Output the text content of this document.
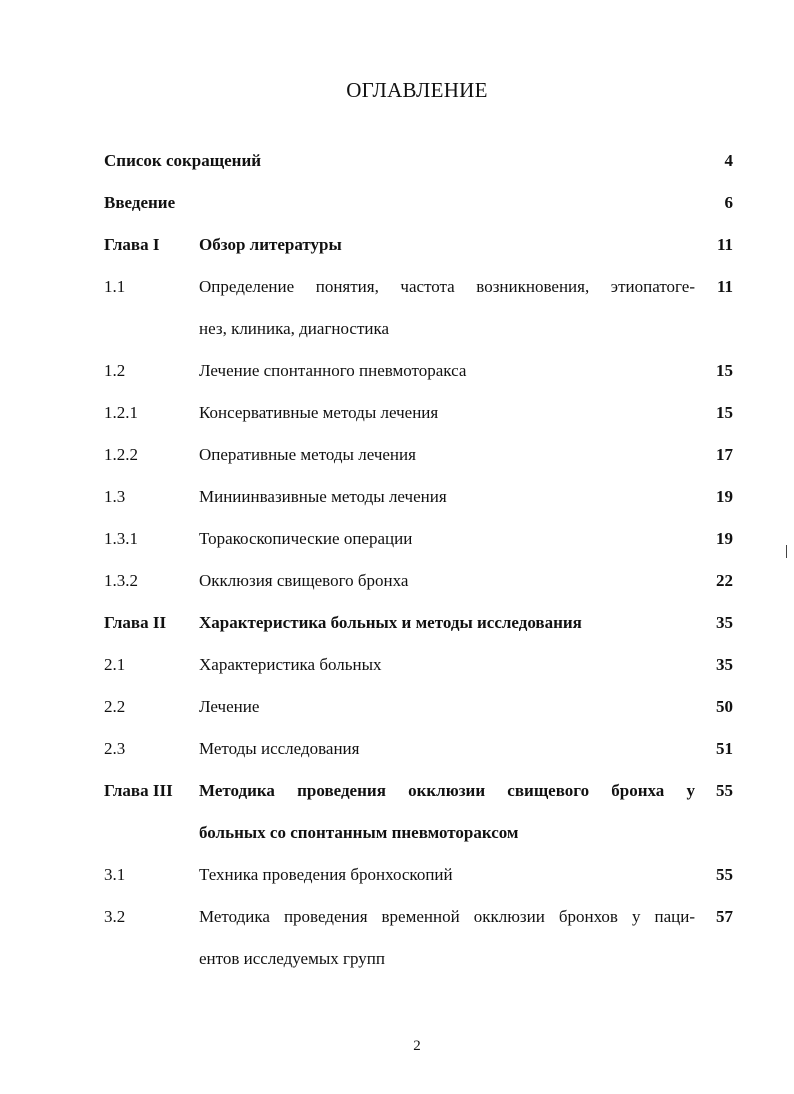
ОГЛАВЛЕНИЕ
Список сокращений	4
Введение	6
Глава I Обзор литературы	11
1.1	Определение понятия, частота возникновения, этиопатоге-	11
нез, клиника, диагностика
1.2	Лечение спонтанного пневмоторакса	15
1.2.1	Консервативные методы лечения	15
1.2.2	Оперативные методы лечения	17
1.3	Миниинвазивные методы лечения	19
1.3.1	Торакоскопические операции	19
1.3.2	Окклюзия свищевого бронха	22
Глава II Характеристика больных и методы исследования	35
2.1	Характеристика больных	35
2.2	Лечение	50
2.3	Методы исследования	51
Глава III Методика проведения окклюзии свищевого бронха у	55
больных со спонтанным пневмотораксом
3.1	Техника проведения бронхоскопий	55
3.2	Методика проведения временной окклюзии бронхов у паци-	57
ентов исследуемых групп
2
